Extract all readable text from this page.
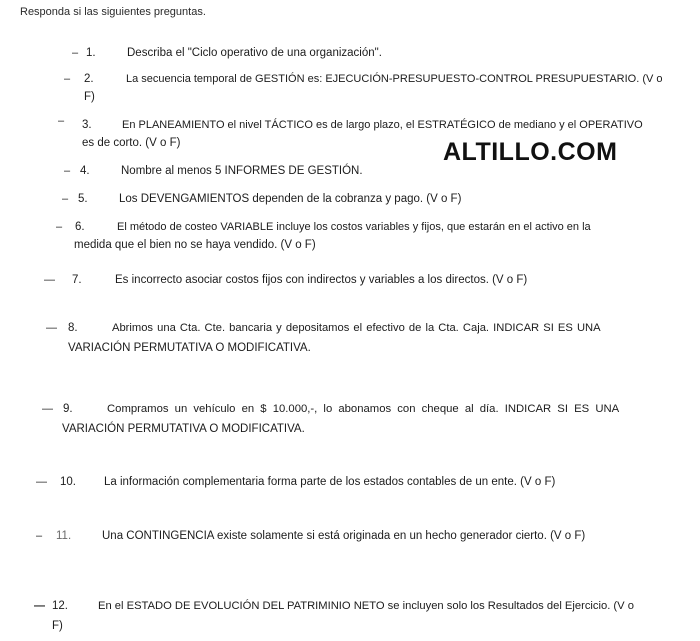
Responda si las siguientes preguntas.
ALTILLO.COM
– 1.	Describa el "Ciclo operativo de una organización".
– 2.	La secuencia temporal de GESTIÓN es: EJECUCIÓN-PRESUPUESTO-CONTROL PRESUPUESTARIO. (V o
F)
– 3.	En PLANEAMIENTO el nivel TÁCTICO es de largo plazo, el ESTRATÉGICO de mediano y el OPERATIVO
es de corto. (V o F)
– 4.	Nombre al menos 5 INFORMES DE GESTIÓN.
– 5.	Los DEVENGAMIENTOS dependen de la cobranza y pago. (V o F)
– 6.	El método de costeo VARIABLE incluye los costos variables y fijos, que estarán en el activo en la
medida que el bien no se haya vendido. (V o F)
— 7.	Es incorrecto asociar costos fijos con indirectos y variables a los directos. (V o F)
— 8.	Abrimos una Cta. Cte. bancaria y depositamos el efectivo de la Cta. Caja. INDICAR SI ES UNA
VARIACIÓN PERMUTATIVA O MODIFICATIVA.
— 9.	Compramos un vehículo en $ 10.000,-, lo abonamos con cheque al día. INDICAR SI ES UNA
VARIACIÓN PERMUTATIVA O MODIFICATIVA.
— 10. La información complementaria forma parte de los estados contables de un ente. (V o F)
– 11.	Una CONTINGENCIA existe solamente si está originada en un hecho generador cierto. (V o F)
— 12.	En el ESTADO DE EVOLUCIÓN DEL PATRIMINIO NETO se incluyen solo los Resultados del Ejercicio. (V o
F)
